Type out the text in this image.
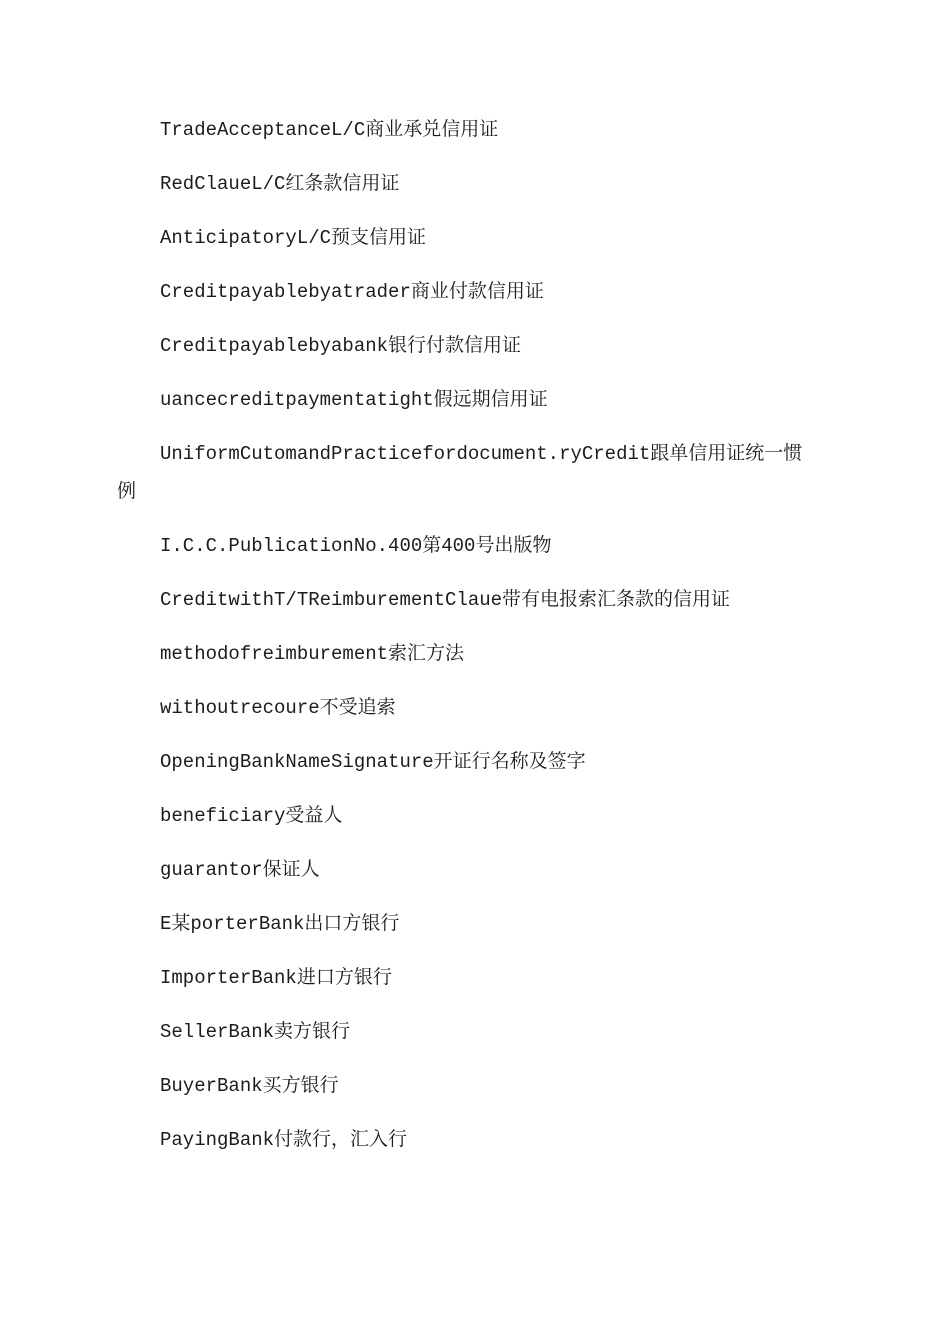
TradeAcceptanceL/C商业承兑信用证

RedClaueL/C红条款信用证

AnticipatoryL/C预支信用证

Creditpayablebyatrader商业付款信用证

Creditpayablebyabank银行付款信用证

uancecreditpaymentatight假远期信用证

UniformCutomandPracticefordocument.ryCredit跟单信用证统一惯例

I.C.C.PublicationNo.400第400号出版物

CreditwithT/TReimburementClaue带有电报索汇条款的信用证

methodofreimburement索汇方法

withoutrecoure不受追索

OpeningBankNameSignature开证行名称及签字

beneficiary受益人

guarantor保证人

E某porterBank出口方银行

ImporterBank进口方银行

SellerBank卖方银行

BuyerBank买方银行

PayingBank付款行，汇入行
